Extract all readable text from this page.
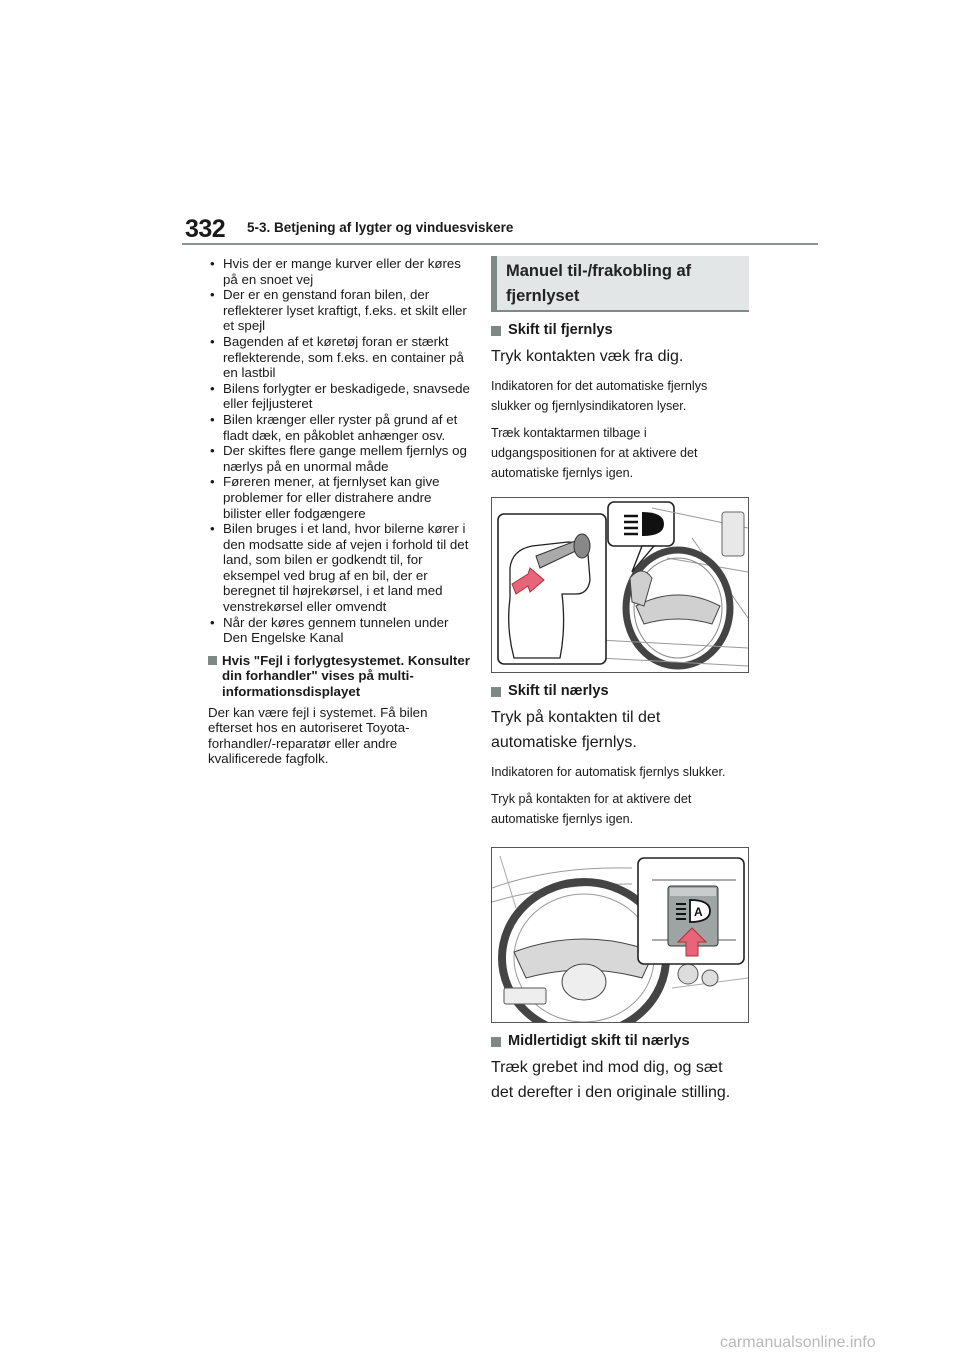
332 5-3. Betjening af lygter og vinduesviskere
• Hvis der er mange kurver eller der køres på en snoet vej
• Der er en genstand foran bilen, der reflekterer lyset kraftigt, f.eks. et skilt eller et spejl
• Bagenden af et køretøj foran er stærkt reflekterende, som f.eks. en container på en lastbil
• Bilens forlygter er beskadigede, snavsede eller fejljusteret
• Bilen krænger eller ryster på grund af et fladt dæk, en påkoblet anhænger osv.
• Der skiftes flere gange mellem fjernlys og nærlys på en unormal måde
• Føreren mener, at fjernlyset kan give problemer for eller distrahere andre bilister eller fodgængere
• Bilen bruges i et land, hvor bilerne kører i den modsatte side af vejen i forhold til det land, som bilen er godkendt til, for eksempel ved brug af en bil, der er beregnet til højrekørsel, i et land med venstrekørsel eller omvendt
• Når der køres gennem tunnelen under Den Engelske Kanal
Hvis "Fejl i forlygtesystemet. Konsulter din forhandler" vises på multi-informationsdisplayet
Der kan være fejl i systemet. Få bilen efterset hos en autoriseret Toyota-forhandler/-reparatør eller andre kvalificerede fagfolk.
Manuel til-/frakobling af fjernlyset
Skift til fjernlys
Tryk kontakten væk fra dig.
Indikatoren for det automatiske fjernlys slukker og fjernlysindikatoren lyser.
Træk kontaktarmen tilbage i udgangspositionen for at aktivere det automatiske fjernlys igen.
Skift til nærlys
Tryk på kontakten til det automatiske fjernlys.
Indikatoren for automatisk fjernlys slukker.
Tryk på kontakten for at aktivere det automatiske fjernlys igen.
A
Midlertidigt skift til nærlys
Træk grebet ind mod dig, og sæt det derefter i den originale stilling.
carmanualsonline.info
